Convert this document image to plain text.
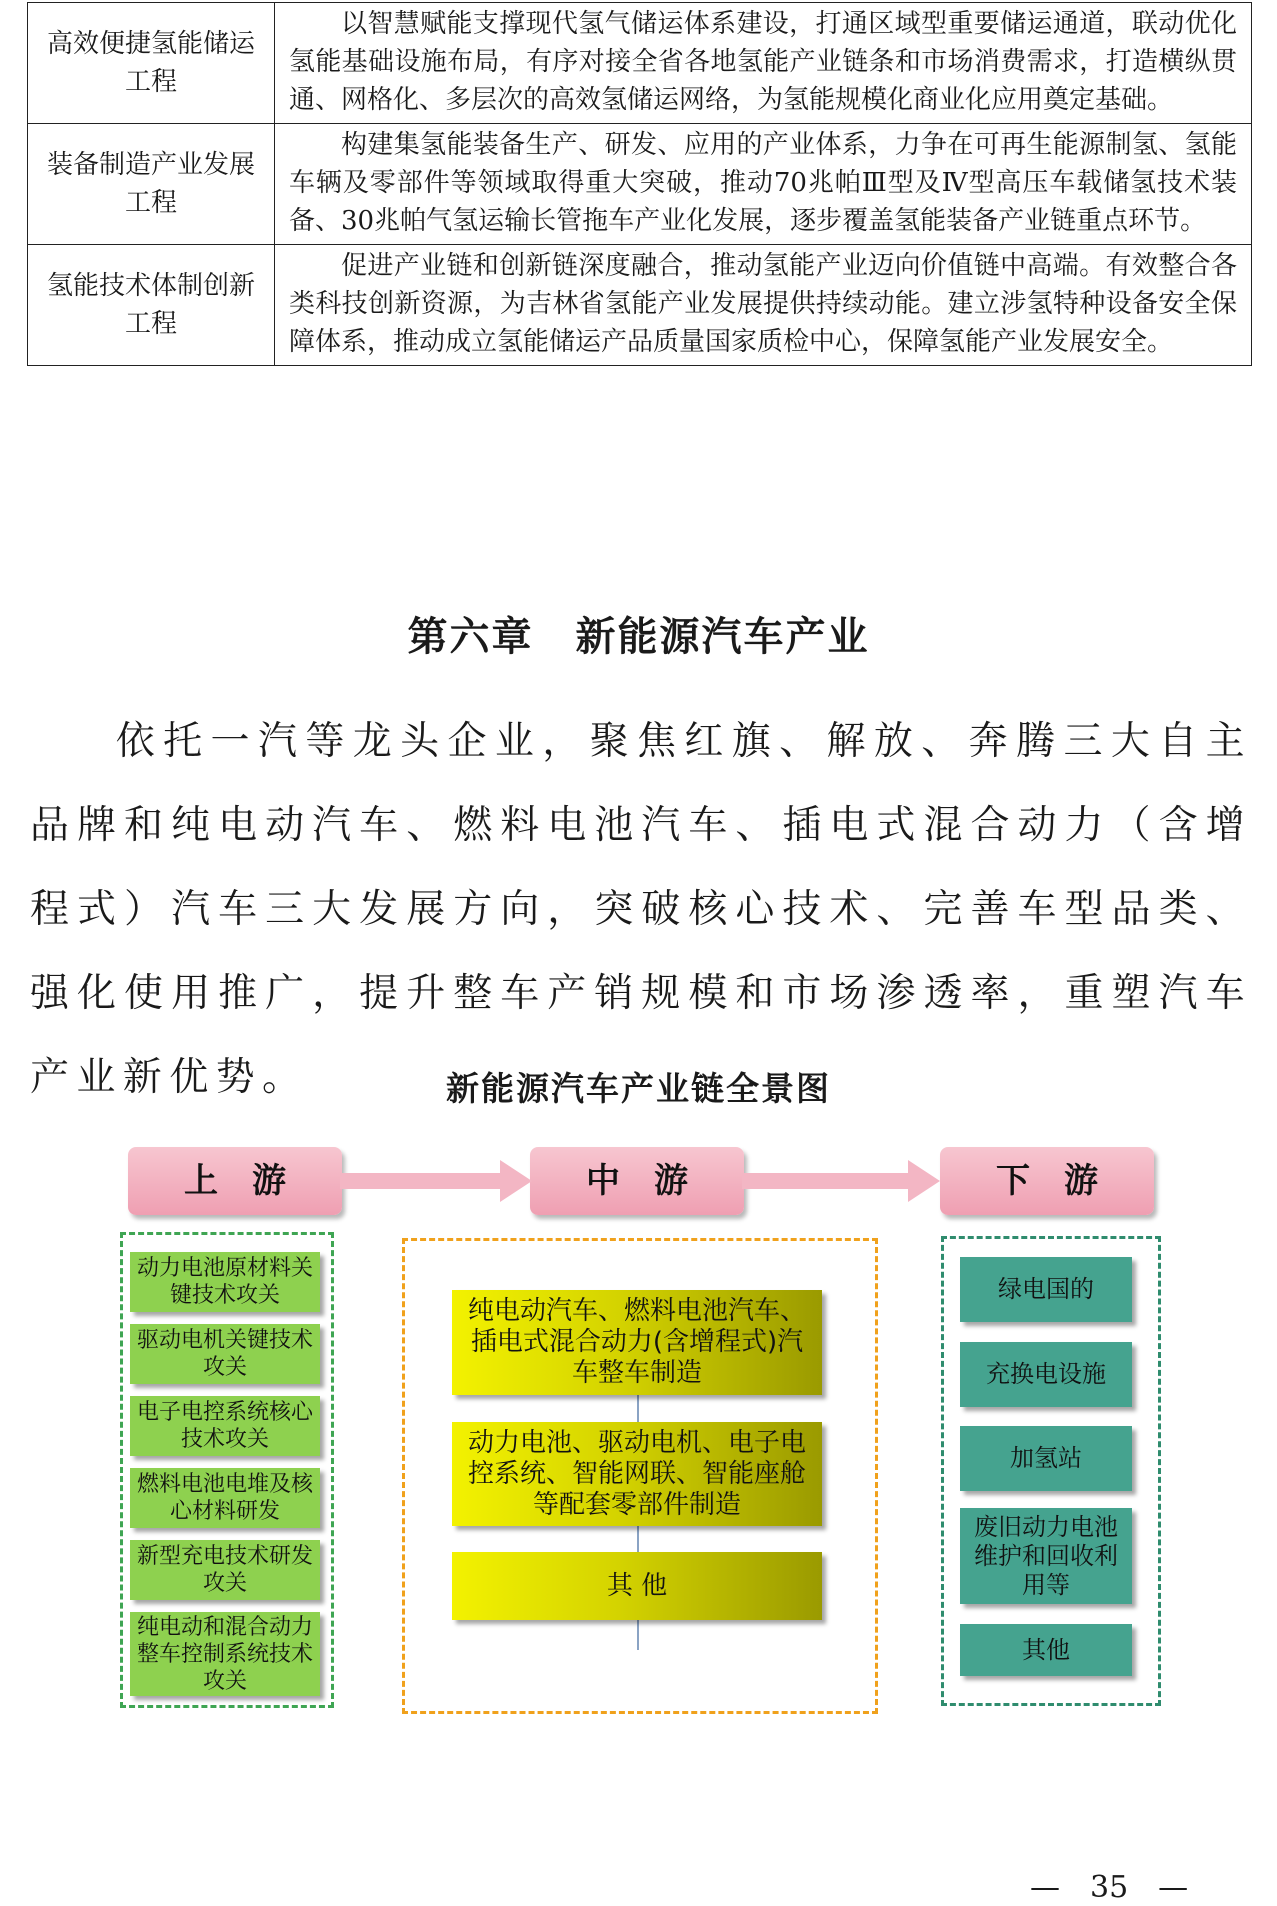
高效便捷氢能储运工程	以智慧赋能支撑现代氢气储运体系建设，打通区域型重要储运通道，联动优化氢能基础设施布局，有序对接全省各地氢能产业链条和市场消费需求，打造横纵贯通、网格化、多层次的高效氢储运网络，为氢能规模化商业化应用奠定基础。
装备制造产业发展工程	构建集氢能装备生产、研发、应用的产业体系，力争在可再生能源制氢、氢能车辆及零部件等领域取得重大突破，推动70兆帕Ⅲ型及Ⅳ型高压车载储氢技术装备、30兆帕气氢运输长管拖车产业化发展，逐步覆盖氢能装备产业链重点环节。
氢能技术体制创新工程	促进产业链和创新链深度融合，推动氢能产业迈向价值链中高端。有效整合各类科技创新资源，为吉林省氢能产业发展提供持续动能。建立涉氢特种设备安全保障体系，推动成立氢能储运产品质量国家质检中心，保障氢能产业发展安全。
第六章　新能源汽车产业

依托一汽等龙头企业，聚焦红旗、解放、奔腾三大自主品牌和纯电动汽车、燃料电池汽车、插电式混合动力（含增程式）汽车三大发展方向，突破核心技术、完善车型品类、强化使用推广，提升整车产销规模和市场渗透率，重塑汽车产业新优势。	新能源汽车产业链全景图
上　游	中　游	下　游
动力电池原材料关键技术攻关
驱动电机关键技术攻关
电子电控系统核心技术攻关
燃料电池电堆及核心材料研发
新型充电技术研发攻关
纯电动和混合动力整车控制系统技术攻关
纯电动汽车、燃料电池汽车、插电式混合动力(含增程式)汽车整车制造
动力电池、驱动电机、电子电控系统、智能网联、智能座舱等配套零部件制造
其 他
绿电国的
充换电设施
加氢站
废旧动力电池维护和回收利用等
其他
—　35　—
